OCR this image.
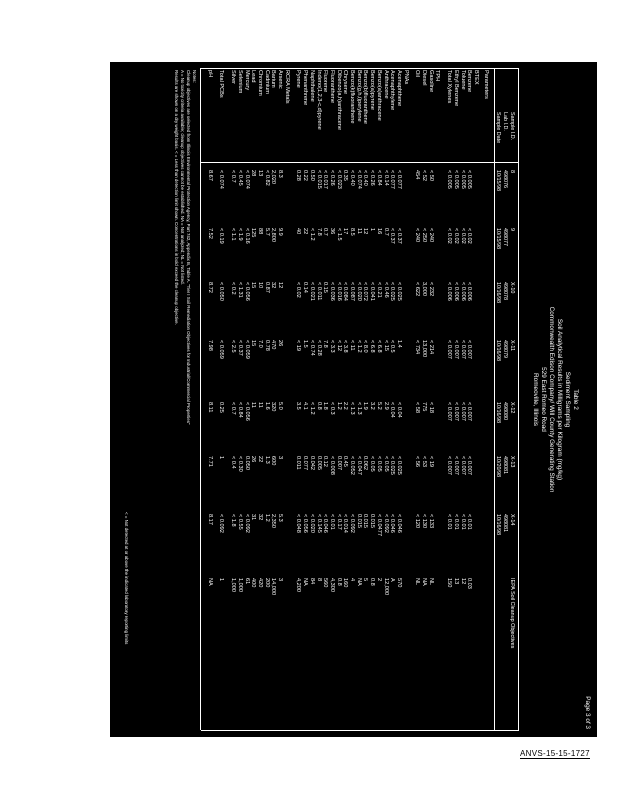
Page 3 of 3
Table 2
Sediment Sampling
Soil Analytical Results in Milligrams per Kilogram (mg/kg)
Commonwealth Edison Company/ Will County Generating Station
529 East Romeo Road
Romeoville, Illinois
Sample I.D.
Lab I.D.
Sample Date
8
498076
10/15/98
9
498077
10/15/98
X-10
498078
10/16/98
X-11
498079
10/16/98
X-12
498080
10/16/98
X-13
498081
10/20/98
X-14
498081
10/16/98
IEPA Soil Cleanup Objectives
Parameters
BTEX
Benzene
< 0.005
< 0.02
< 0.006
< 0.007
< 0.007
< 0.007
< 0.01
0.03
Toluene
< 0.005
< 0.02
< 0.006
< 0.007
< 0.007
< 0.007
< 0.01
12
Ethyl Benzene
< 0.005
< 0.02
< 0.006
< 0.007
< 0.007
< 0.007
< 0.01
13
Total Xylenes
< 0.005
< 0.02
< 0.006
< 0.007
< 0.007
< 0.007
< 0.01
150
TPH
Gasoline
< 50
< 240
< 232
< 214
< 18
< 19
< 133
NL
Diesel
< 52
< 250
3,000
13,000
775
< 53
< 130
NA
Oil
454
< 240
< 622
< 734
< 58
< 56
< 120
NL
PNAs
Acenaphthene
< 0.077
< 0.37
< 0.025
1.4
< 0.04
< 0.025
< 0.046
570
Acenaphthylene
< 0.077
< 0.37
< 0.025
< 0.5
< 0.04
< 0.025
< 0.046
A
Anthracene
< 0.14
0.7
< 0.46
< 15
2.9
< 0.05
< 0.092
12,000
Benzo(a)anthracene
< 0.84
16
< 0.21
< 6.8
5.2
< 0.05
< 0.0477
2
Benzo(a)pyrene
< 0.26
1
< 0.041
< 6.8
3.2
< 0.05
0.015
0.8
Benzo(b)fluoranthene
< 0.40
12
< 0.072
< 8.0
1.9
0.062
0.015
5
Benzo(g,h,i)perylene
< 0.074
11
< 0.020
< 1.2
< 1.3
< 0.047
0.015
NA
Benzo(k)fluoranthene
< 0.40
8.5
< 0.087
< 11
< 1.3
< 0.052
< 0.092
4
Chrysene
0.35
17
< 0.084
< 3.8
2.2
0.45
< 0.014
160
Dibenzo(a,h)anthracene
< 0.023
< 1.5
< 0.016
< 12
1.2
0.007
< 0.17
0.8
Fluoranthene
< 0.26
36
< 0.036
< 3.3
< 0.3
< 0.008
< 0.01
4,300
Fluorene
< 0.017
0.7
0.15
7.8
1.8
0.12
< 0.046
560
Indeno(1,2,3-c,d)pyrene
< 0.015
7.8
< 0.011
< 0.28
0.8
0.005
< 0.145
8
Naphthalene
0.50
< 1.2
< 0.021
< 0.74
< 1.2
0.042
< 0.020
84
Phenanthrene
0.22
22
0.14
1.5
4.1
0.077
< 0.056
NA
Pyrene
0.28
40
< 0.02
< 19
3.5
0.011
< 0.048
4,200
RCRA Metals
Arsenic
8.3
9.9
12
26
5.0
3
5.3
3
Barium
2,020
2,800
32
470
320
600
2,350
14,000
Cadmium
< 0.82
5.7
0.87
0.78
1.6
1.3
1.2
200
Chromium
13
88
10
7.0
11
22
32
420
Lead
28
125
15
15
11
26
31
400
Mercury
< 0.074
< 0.16
< 0.056
< 0.059
< 0.056
0.050
< 0.092
61
Selenium
< 0.45
< 1.9
< 1.31
< 0.37
< 0.84
< 0.30
< 0.55
1,000
Silver
< 0.7
< 1.1
< 0.2
< 2.5
< 0.7
< 0.4
< 1.8
1,000
Total PCBs
< 0.074
< 0.19
< 0.050
< 0.059
0.25
1
< 0.092
1
pH
8.67
7.52
8.72
7.98
8.11
7.71
8.17
NA
Notes:
Cleanup objectives are selected from Illinois Environmental Protection Agency, Part 742, Appendix B, Table A. "Tier I Soil Remediation Objectives for Industrial/Commercial Properties"
A = No toxicity criteria available; cleanup objectives cannot be established. NA = Not analyzed; NL = Not listed.
Results are shown on a dry weight basis. < = Less than detection limit shown. Concentrations in bold exceed the cleanup objective.
< = Not detected at or above the indicated laboratory reporting limits
ANVS-15-15-1727
